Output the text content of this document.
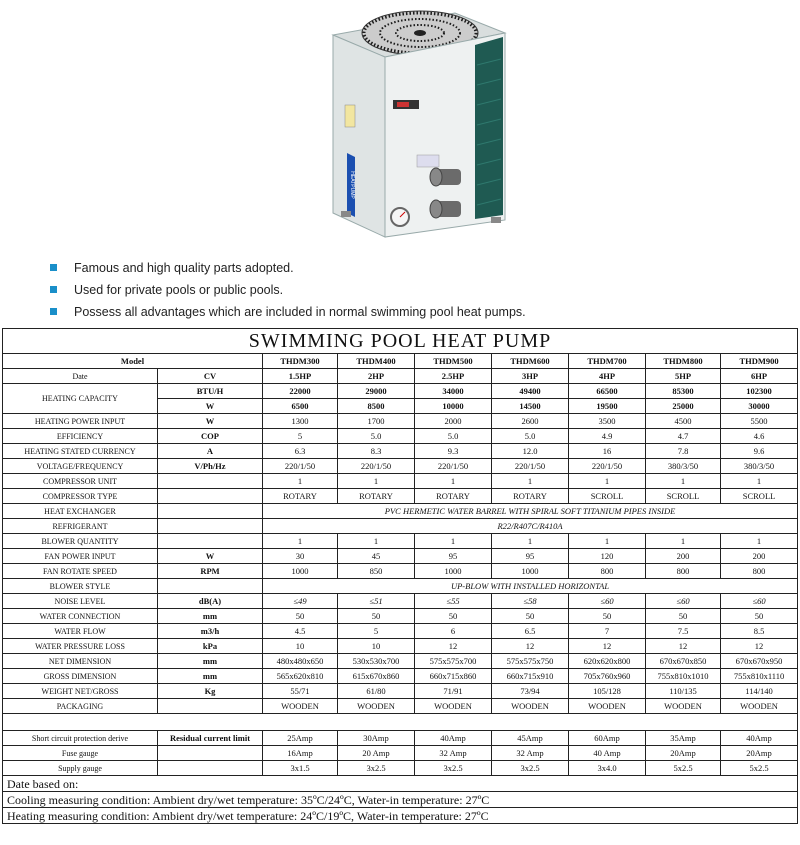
HEATPUMP
Famous and high quality parts adopted.
Used for private pools or public pools.
Possess all advantages which are included in normal swimming pool heat pumps.
SWIMMING POOL HEAT PUMP								
Model		THDM300	THDM400	THDM500	THDM600	THDM700	THDM800	THDM900
Date	CV	1.5HP	2HP	2.5HP	3HP	4HP	5HP	6HP
HEATING CAPACITY	BTU/H	22000	29000	34000	49400	66500	85300	102300
	W	6500	8500	10000	14500	19500	25000	30000
HEATING POWER INPUT	W	1300	1700	2000	2600	3500	4500	5500
EFFICIENCY	COP	5	5.0	5.0	5.0	4.9	4.7	4.6
HEATING STATED CURRENCY	A	6.3	8.3	9.3	12.0	16	7.8	9.6
VOLTAGE/FREQUENCY	V/Ph/Hz	220/1/50	220/1/50	220/1/50	220/1/50	220/1/50	380/3/50	380/3/50
COMPRESSOR UNIT		1	1	1	1	1	1	1
COMPRESSOR TYPE		ROTARY	ROTARY	ROTARY	ROTARY	SCROLL	SCROLL	SCROLL
HEAT EXCHANGER		PVC HERMETIC WATER BARREL WITH SPIRAL SOFT TITANIUM PIPES INSIDE						
REFRIGERANT		R22/R407C/R410A						
BLOWER QUANTITY		1	1	1	1	1	1	1
FAN POWER INPUT	W	30	45	95	95	120	200	200
FAN ROTATE SPEED	RPM	1000	850	1000	1000	800	800	800
BLOWER STYLE		UP-BLOW WITH INSTALLED HORIZONTAL						
NOISE LEVEL	dB(A)	≤49	≤51	≤55	≤58	≤60	≤60	≤60
WATER CONNECTION	mm	50	50	50	50	50	50	50
WATER FLOW	m3/h	4.5	5	6	6.5	7	7.5	8.5
WATER PRESSURE LOSS	kPa	10	10	12	12	12	12	12
NET DIMENSION	mm	480x480x650	530x530x700	575x575x700	575x575x750	620x620x800	670x670x850	670x670x950
GROSS DIMENSION	mm	565x620x810	615x670x860	660x715x860	660x715x910	705x760x960	755x810x1010	755x810x1110
WEIGHT NET/GROSS	Kg	55/71	61/80	71/91	73/94	105/128	110/135	114/140
PACKAGING		WOODEN	WOODEN	WOODEN	WOODEN	WOODEN	WOODEN	WOODEN

Short circuit protection derive	Residual current limit	25Amp	30Amp	40Amp	45Amp	60Amp	35Amp	40Amp
Fuse gauge		16Amp	20 Amp	32 Amp	32 Amp	40 Amp	20Amp	20Amp
Supply gauge		3x1.5	3x2.5	3x2.5	3x2.5	3x4.0	5x2.5	5x2.5
Date based on:								
Cooling measuring condition: Ambient dry/wet temperature: 35ºC/24ºC, Water-in temperature: 27ºC								
Heating measuring condition: Ambient dry/wet temperature: 24ºC/19ºC, Water-in temperature: 27ºC								
